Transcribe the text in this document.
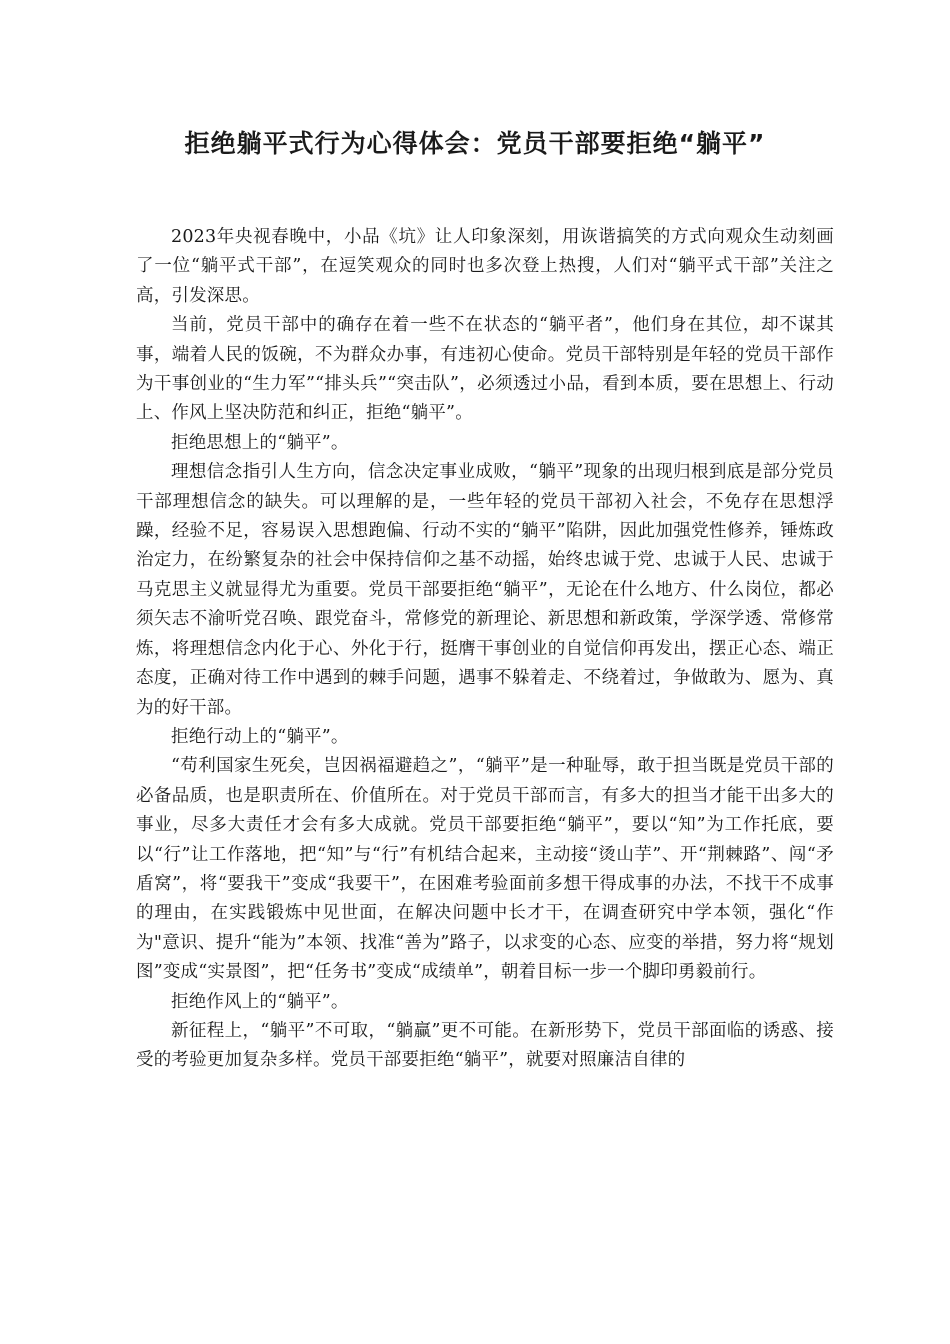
拒绝躺平式行为心得体会：党员干部要拒绝“躺平”

2023年央视春晚中，小品《坑》让人印象深刻，用诙谐搞笑的方式向观众生动刻画了一位“躺平式干部”，在逗笑观众的同时也多次登上热搜，人们对“躺平式干部”关注之高，引发深思。

当前，党员干部中的确存在着一些不在状态的“躺平者”，他们身在其位，却不谋其事，端着人民的饭碗，不为群众办事，有违初心使命。党员干部特别是年轻的党员干部作为干事创业的“生力军”“排头兵”“突击队”，必须透过小品，看到本质，要在思想上、行动上、作风上坚决防范和纠正，拒绝“躺平”。

拒绝思想上的“躺平”。

理想信念指引人生方向，信念决定事业成败，“躺平”现象的出现归根到底是部分党员干部理想信念的缺失。可以理解的是，一些年轻的党员干部初入社会，不免存在思想浮躁，经验不足，容易误入思想跑偏、行动不实的“躺平”陷阱，因此加强党性修养，锤炼政治定力，在纷繁复杂的社会中保持信仰之基不动摇，始终忠诚于党、忠诚于人民、忠诚于马克思主义就显得尤为重要。党员干部要拒绝“躺平”，无论在什么地方、什么岗位，都必须矢志不渝听党召唤、跟党奋斗，常修党的新理论、新思想和新政策，学深学透、常修常炼，将理想信念内化于心、外化于行，挺膺干事创业的自觉信仰再发出，摆正心态、端正态度，正确对待工作中遇到的棘手问题，遇事不躲着走、不绕着过，争做敢为、愿为、真为的好干部。

拒绝行动上的“躺平”。

“苟利国家生死矣，岂因祸福避趋之”，“躺平”是一种耻辱，敢于担当既是党员干部的必备品质，也是职责所在、价值所在。对于党员干部而言，有多大的担当才能干出多大的事业，尽多大责任才会有多大成就。党员干部要拒绝“躺平”，要以“知”为工作托底，要以“行”让工作落地，把“知”与“行”有机结合起来，主动接“烫山芋”、开“荆棘路”、闯“矛盾窝”，将“要我干”变成“我要干”，在困难考验面前多想干得成事的办法，不找干不成事的理由，在实践锻炼中见世面，在解决问题中长才干，在调查研究中学本领，强化“作为"意识、提升“能为”本领、找准“善为”路子，以求变的心态、应变的举措，努力将“规划图”变成“实景图”，把“任务书”变成“成绩单”，朝着目标一步一个脚印勇毅前行。

拒绝作风上的“躺平”。

新征程上，“躺平”不可取，“躺赢”更不可能。在新形势下，党员干部面临的诱惑、接受的考验更加复杂多样。党员干部要拒绝“躺平”，就要对照廉洁自律的
